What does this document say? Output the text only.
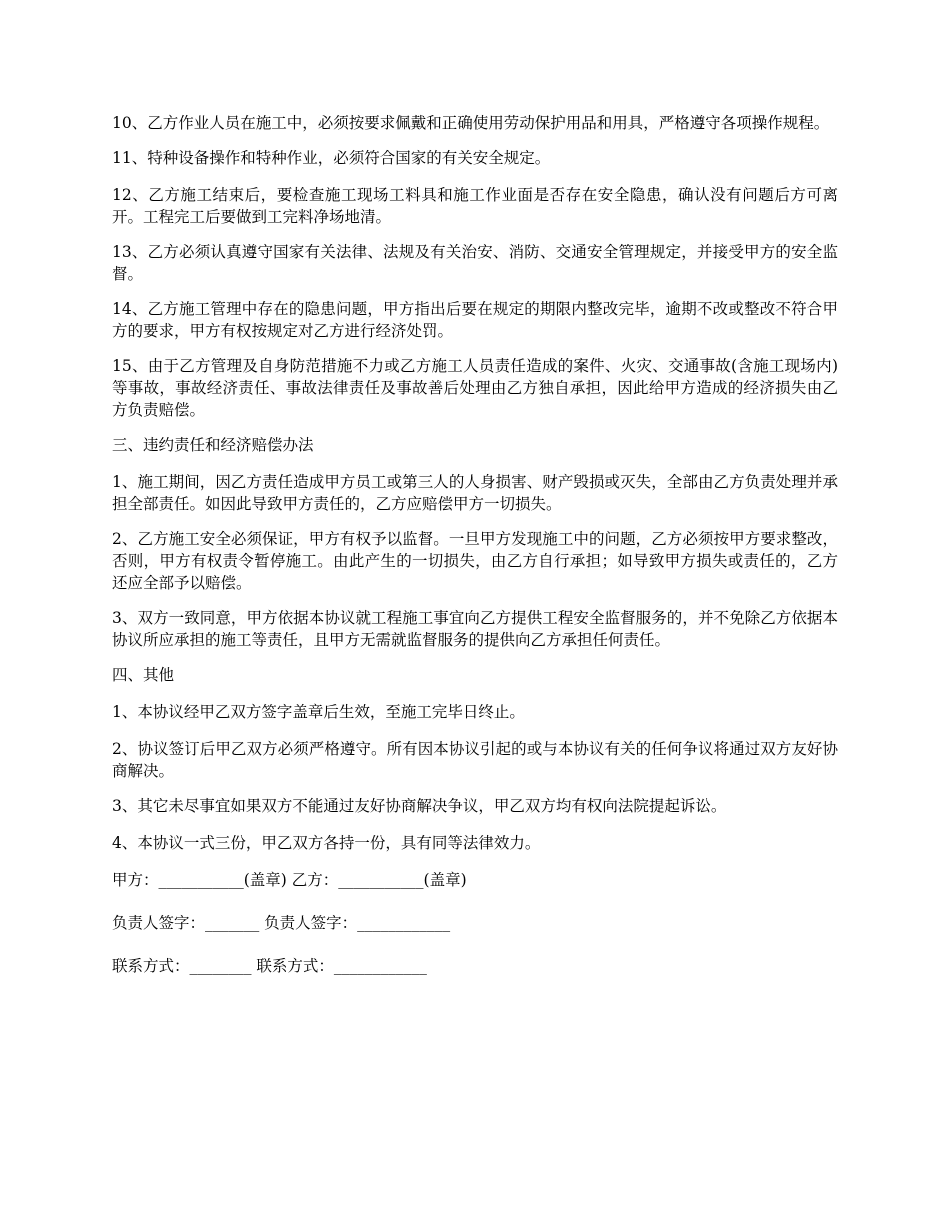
10、乙方作业人员在施工中，必须按要求佩戴和正确使用劳动保护用品和用具，严格遵守各项操作规程。

11、特种设备操作和特种作业，必须符合国家的有关安全规定。

12、乙方施工结束后，要检查施工现场工料具和施工作业面是否存在安全隐患，确认没有问题后方可离开。工程完工后要做到工完料净场地清。

13、乙方必须认真遵守国家有关法律、法规及有关治安、消防、交通安全管理规定，并接受甲方的安全监督。

14、乙方施工管理中存在的隐患问题，甲方指出后要在规定的期限内整改完毕，逾期不改或整改不符合甲方的要求，甲方有权按规定对乙方进行经济处罚。

15、由于乙方管理及自身防范措施不力或乙方施工人员责任造成的案件、火灾、交通事故(含施工现场内)等事故，事故经济责任、事故法律责任及事故善后处理由乙方独自承担，因此给甲方造成的经济损失由乙方负责赔偿。

三、违约责任和经济赔偿办法

1、施工期间，因乙方责任造成甲方员工或第三人的人身损害、财产毁损或灭失，全部由乙方负责处理并承担全部责任。如因此导致甲方责任的，乙方应赔偿甲方一切损失。

2、乙方施工安全必须保证，甲方有权予以监督。一旦甲方发现施工中的问题，乙方必须按甲方要求整改，否则，甲方有权责令暂停施工。由此产生的一切损失，由乙方自行承担；如导致甲方损失或责任的，乙方还应全部予以赔偿。

3、双方一致同意，甲方依据本协议就工程施工事宜向乙方提供工程安全监督服务的，并不免除乙方依据本协议所应承担的施工等责任，且甲方无需就监督服务的提供向乙方承担任何责任。

四、其他

1、本协议经甲乙双方签字盖章后生效，至施工完毕日终止。

2、协议签订后甲乙双方必须严格遵守。所有因本协议引起的或与本协议有关的任何争议将通过双方友好协商解决。

3、其它未尽事宜如果双方不能通过友好协商解决争议，甲乙双方均有权向法院提起诉讼。

4、本协议一式三份，甲乙双方各持一份，具有同等法律效力。

甲方：___________(盖章) 乙方：___________(盖章)

负责人签字：_______ 负责人签字：____________

联系方式：________ 联系方式：____________
